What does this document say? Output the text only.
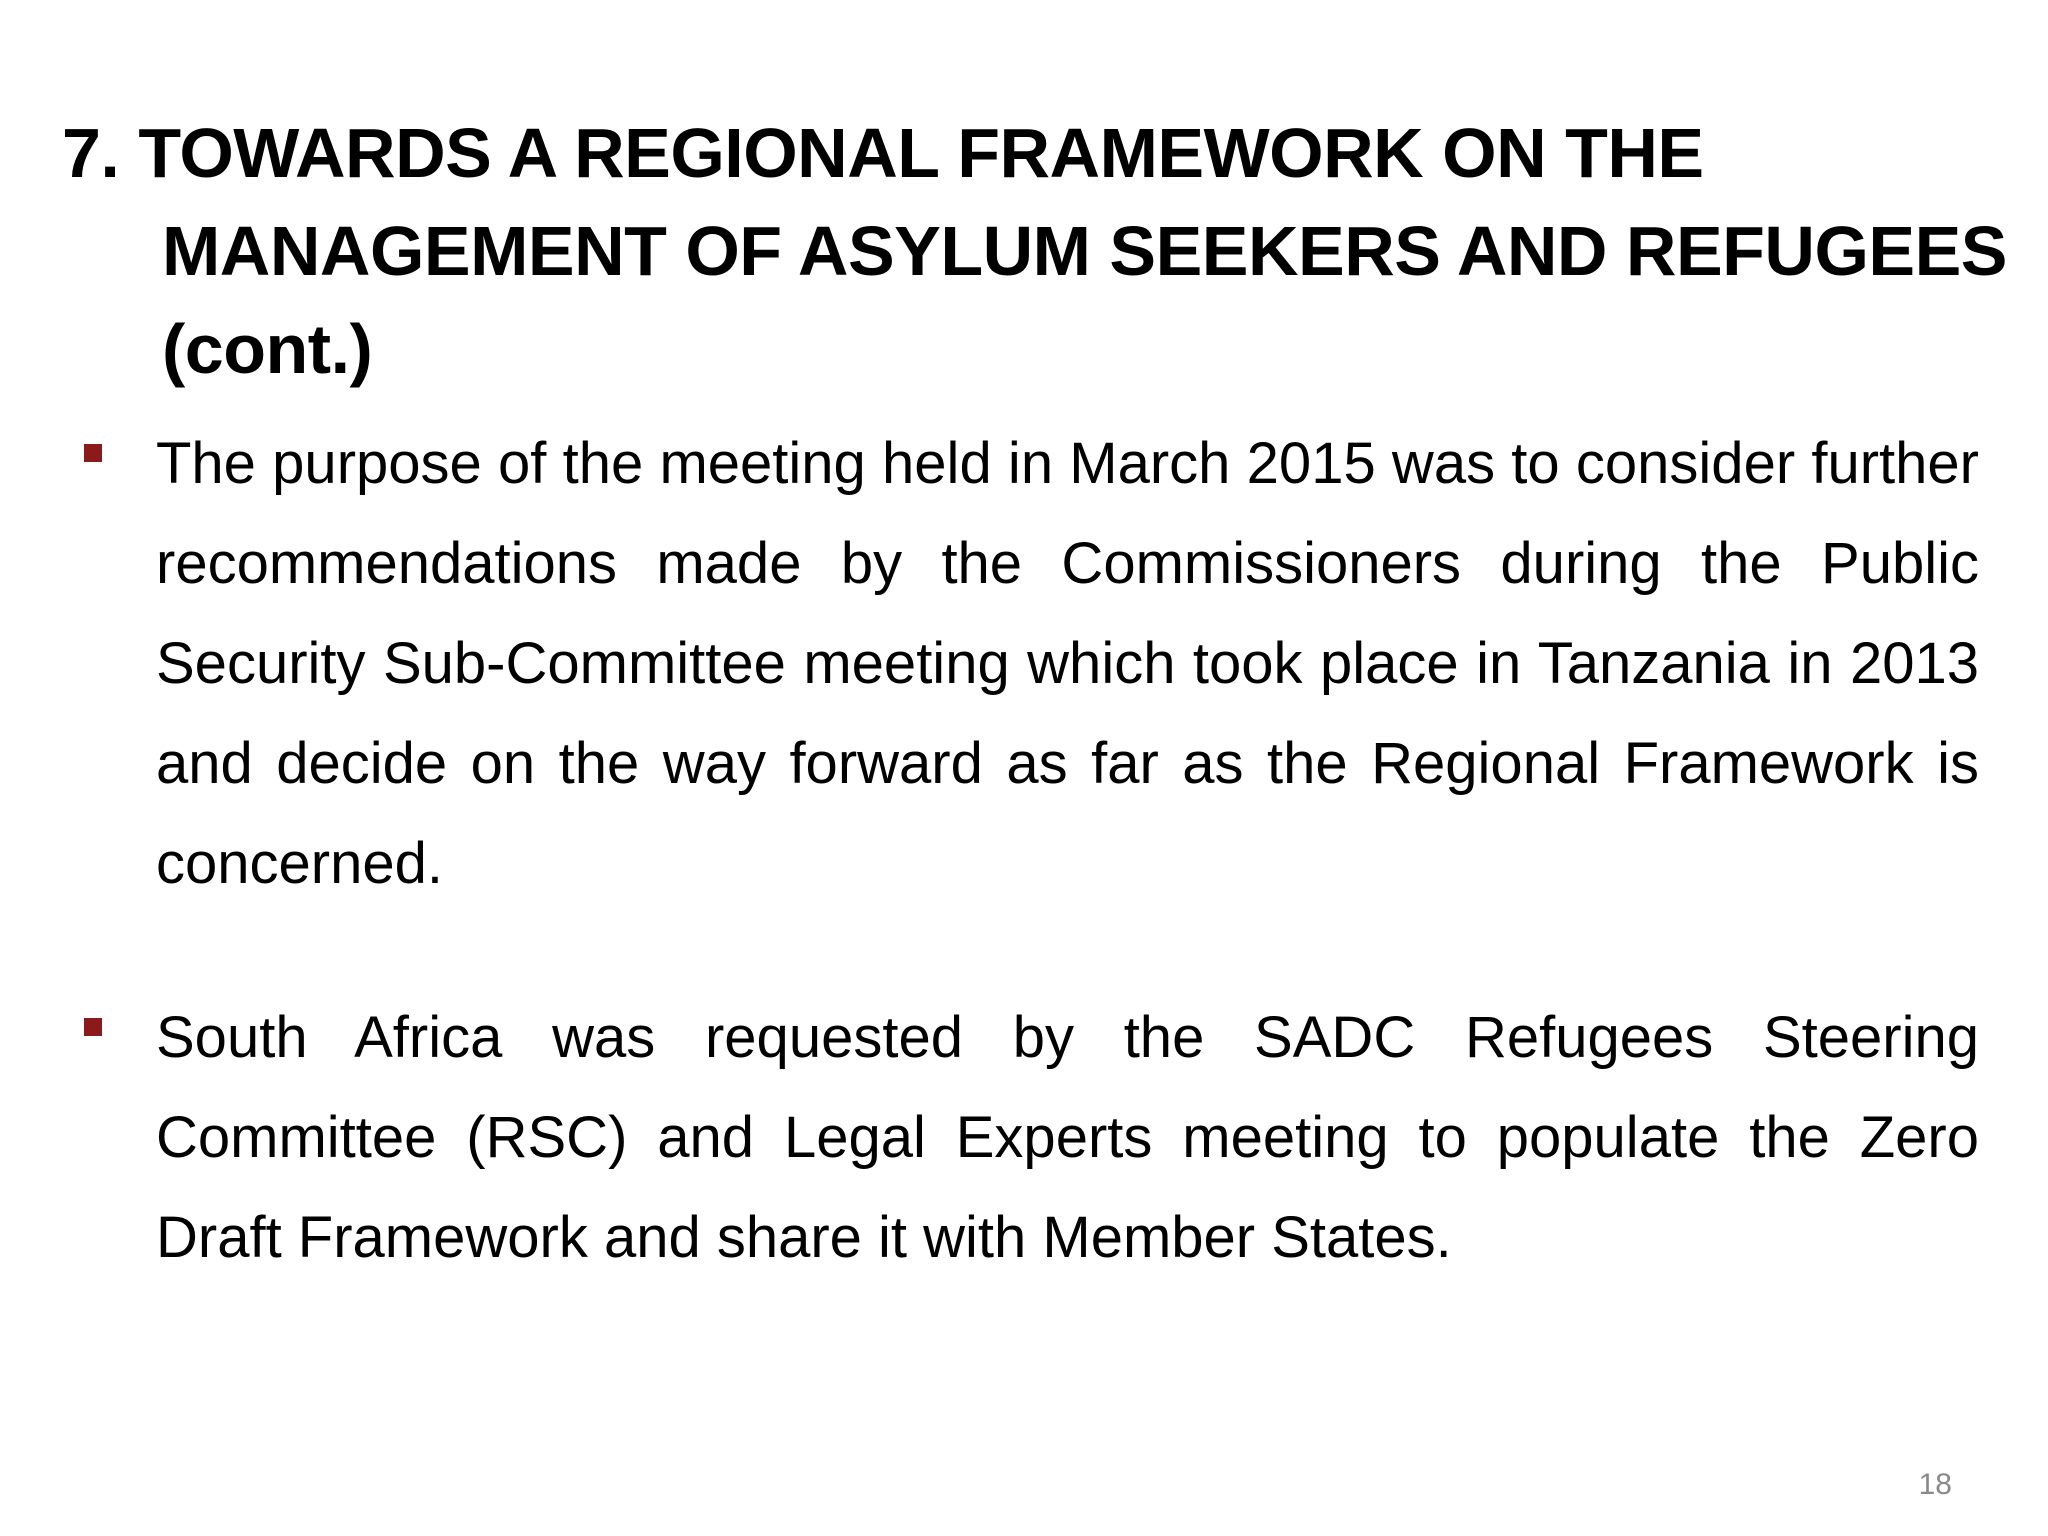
7. TOWARDS A REGIONAL FRAMEWORK ON THE MANAGEMENT OF ASYLUM SEEKERS AND REFUGEES (cont.)
The purpose of the meeting held in March 2015 was to consider further recommendations made by the Commissioners during the Public Security Sub-Committee meeting which took place in Tanzania in 2013 and decide on the way forward as far as the Regional Framework is concerned.
South Africa was requested by the SADC Refugees Steering Committee (RSC) and Legal Experts meeting to populate the Zero Draft Framework and share it with Member States.
18
